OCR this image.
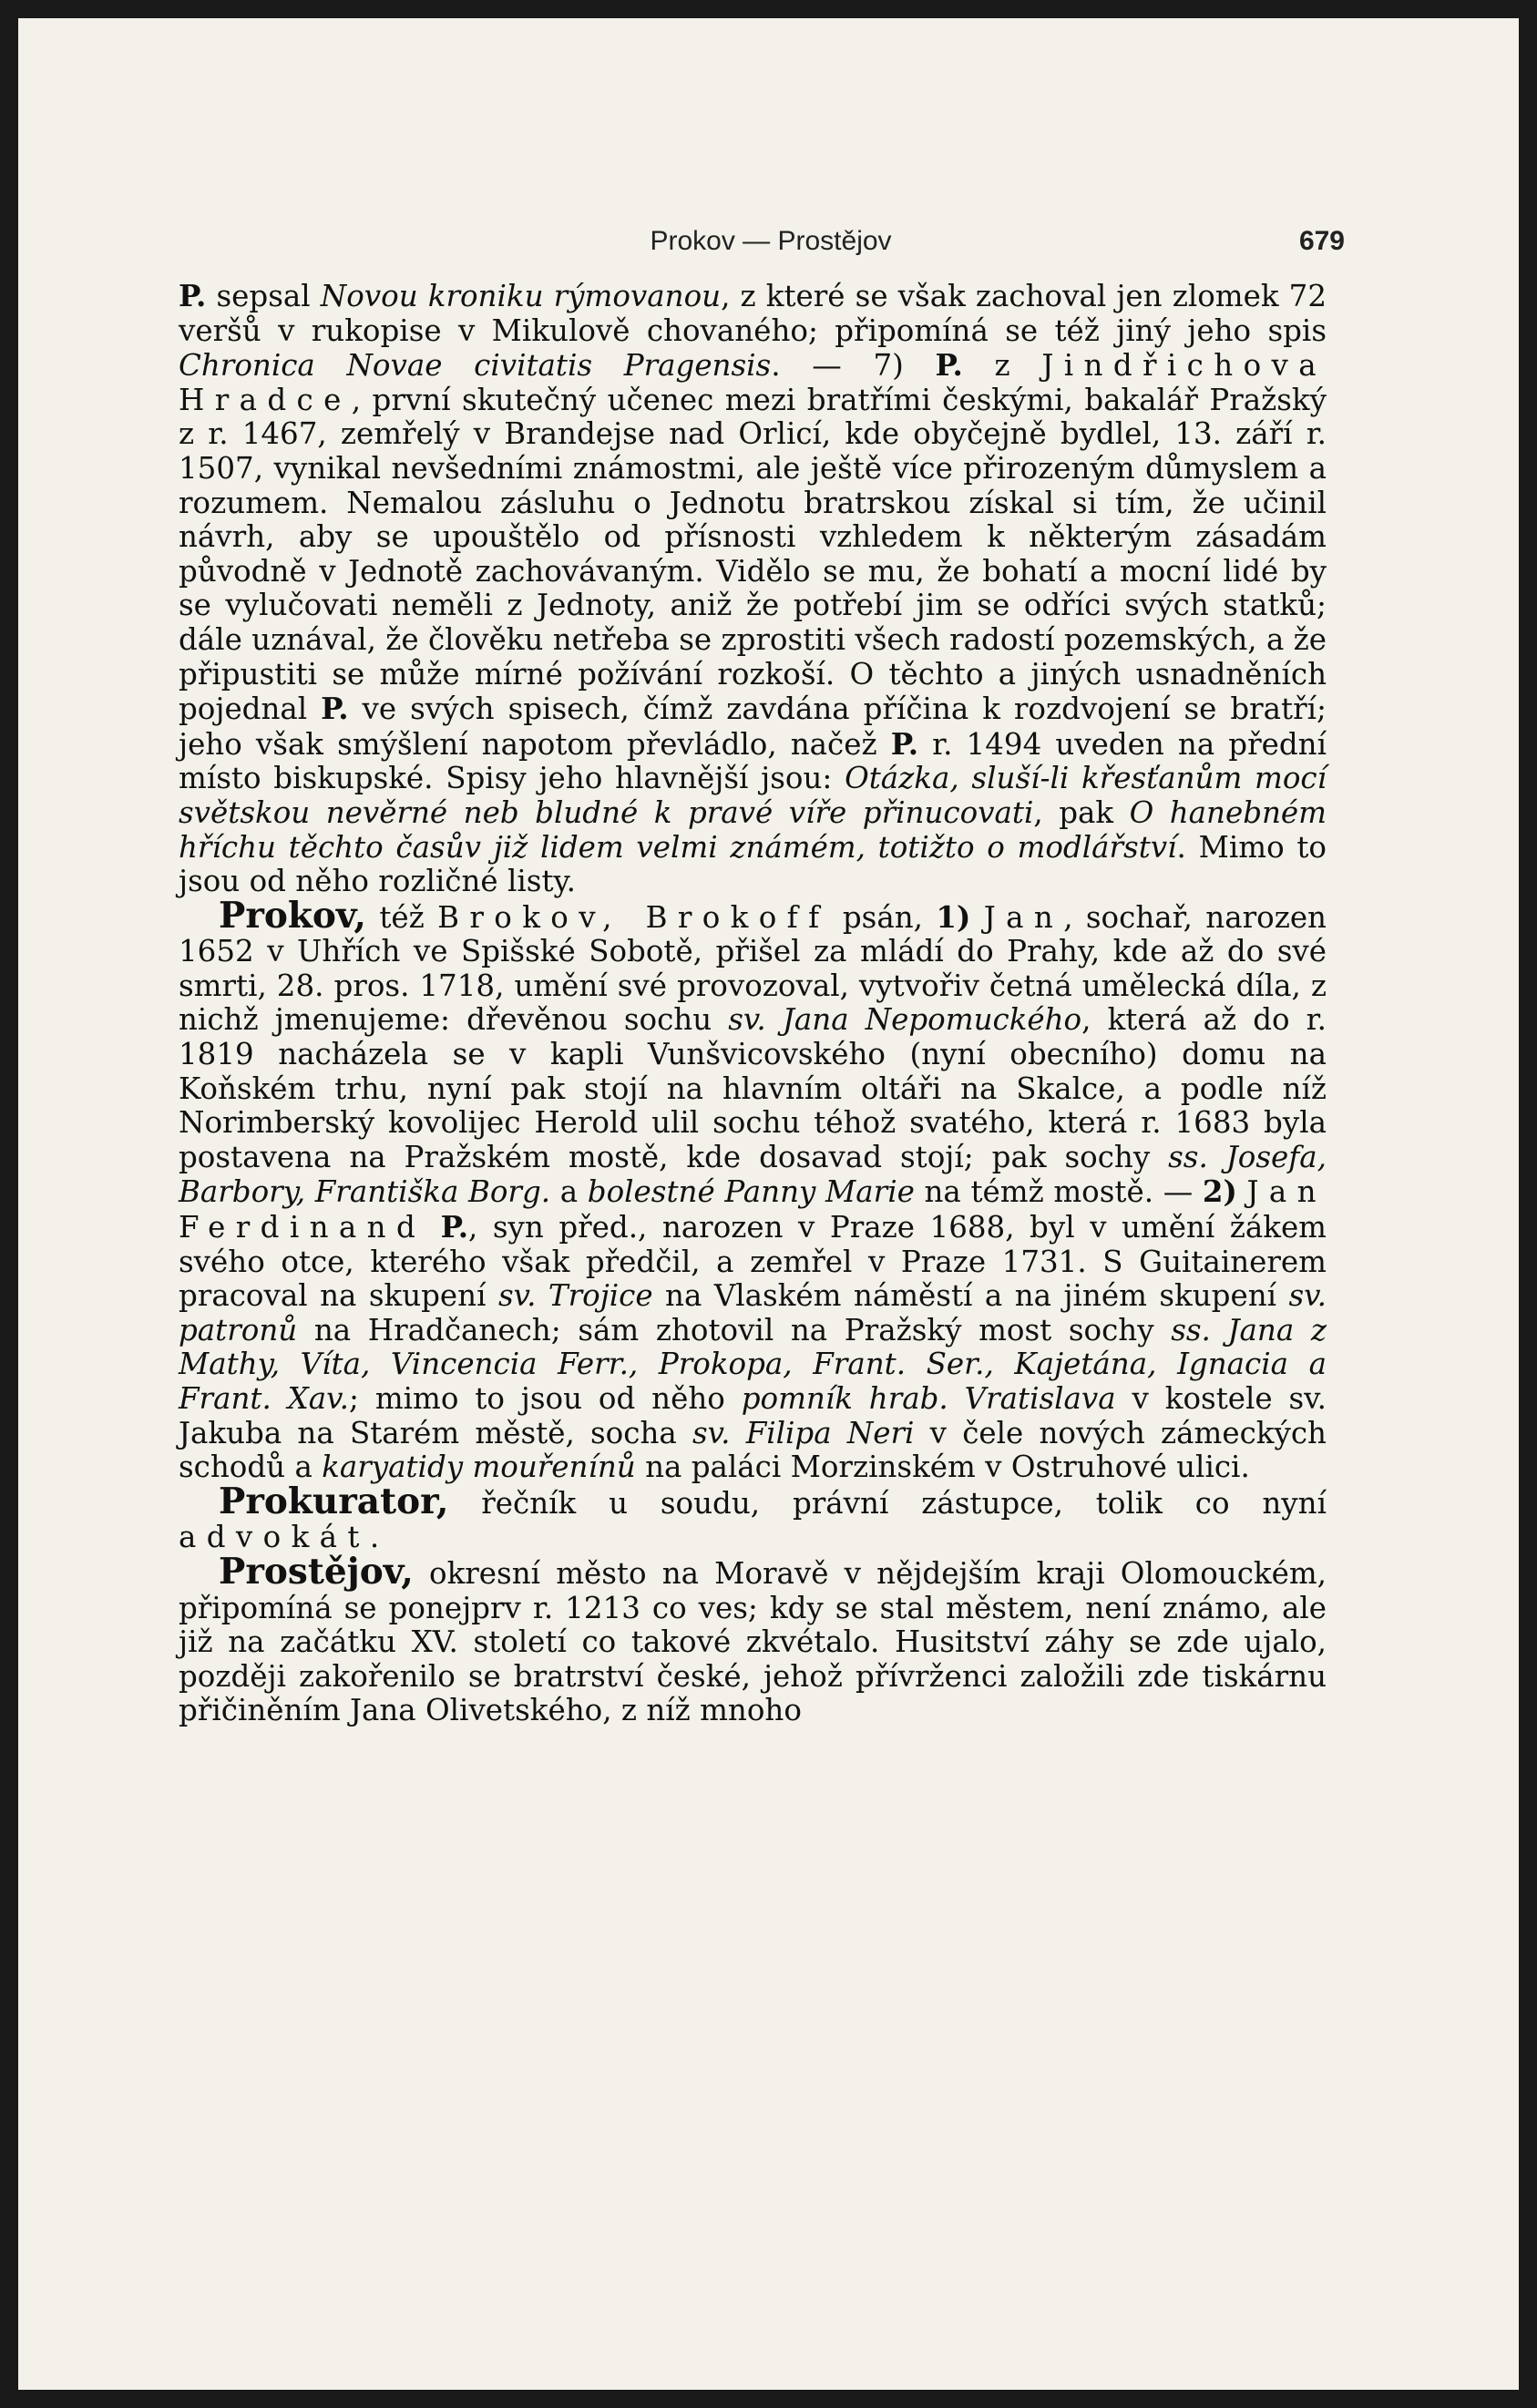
Prokov — Prostějov	679

P. sepsal Novou kroniku rýmovanou, z které se však zachoval jen zlomek 72 veršů v rukopise v Mikulově chovaného; připomíná se též jiný jeho spis Chronica Novae civitatis Pragensis. — 7) P. z Jindřichova Hradce, první skutečný učenec mezi bratřími českými, bakalář Pražský z r. 1467, zemřelý v Brandejse nad Orlicí, kde obyčejně bydlel, 13. září r. 1507, vynikal nevšedními známostmi, ale ještě více přirozeným důmyslem a rozumem. Nemalou zásluhu o Jednotu bratrskou získal si tím, že učinil návrh, aby se upouštělo od přísnosti vzhledem k některým zásadám původně v Jednotě zachovávaným. Vidělo se mu, že bohatí a mocní lidé by se vylučovati neměli z Jednoty, aniž že potřebí jim se odříci svých statků; dále uznával, že člověku netřeba se zprostiti všech radostí pozemských, a že připustiti se může mírné požívání rozkoší. O těchto a jiných usnadněních pojednal P. ve svých spisech, čímž zavdána příčina k rozdvojení se bratří; jeho však smýšlení napotom převládlo, načež P. r. 1494 uveden na přední místo biskupské. Spisy jeho hlavnější jsou: Otázka, sluší-li křesťanům mocí světskou nevěrné neb bludné k pravé víře přinucovati, pak O hanebném hříchu těchto časův již lidem velmi známém, totižto o modlářství. Mimo to jsou od něho rozličné listy.

Prokov, též Brokov, Brokoff psán, 1) Jan, sochař, narozen 1652 v Uhřích ve Spišské Sobotě, přišel za mládí do Prahy, kde až do své smrti, 28. pros. 1718, umění své provozoval, vytvořiv četná umělecká díla, z nichž jmenujeme: dřevěnou sochu sv. Jana Nepomuckého, která až do r. 1819 nacházela se v kapli Vunšvicovského (nyní obecního) domu na Koňském trhu, nyní pak stojí na hlavním oltáři na Skalce, a podle níž Norimberský kovolijec Herold ulil sochu téhož svatého, která r. 1683 byla postavena na Pražském mostě, kde dosavad stojí; pak sochy ss. Josefa, Barbory, Františka Borg. a bolestné Panny Marie na témž mostě. — 2) Jan Ferdinand P., syn před., narozen v Praze 1688, byl v umění žákem svého otce, kterého však předčil, a zemřel v Praze 1731. S Guitainerem pracoval na skupení sv. Trojice na Vlaském náměstí a na jiném skupení sv. patronů na Hradčanech; sám zhotovil na Pražský most sochy ss. Jana z Mathy, Víta, Vincencia Ferr., Prokopa, Frant. Ser., Kajetána, Ignacia a Frant. Xav.; mimo to jsou od něho pomník hrab. Vratislava v kostele sv. Jakuba na Starém městě, socha sv. Filipa Neri v čele nových zámeckých schodů a karyatidy mouřenínů na paláci Morzinském v Ostruhové ulici.

Prokurator, řečník u soudu, právní zástupce, tolik co nyní advokát.

Prostějov, okresní město na Moravě v nějdejším kraji Olomouckém, připomíná se ponejprv r. 1213 co ves; kdy se stal městem, není známo, ale již na začátku XV. století co takové zkvétalo. Husitství záhy se zde ujalo, později zakořenilo se bratrství české, jehož přívrženci založili zde tiskárnu přičiněním Jana Olivetského, z níž mnoho
